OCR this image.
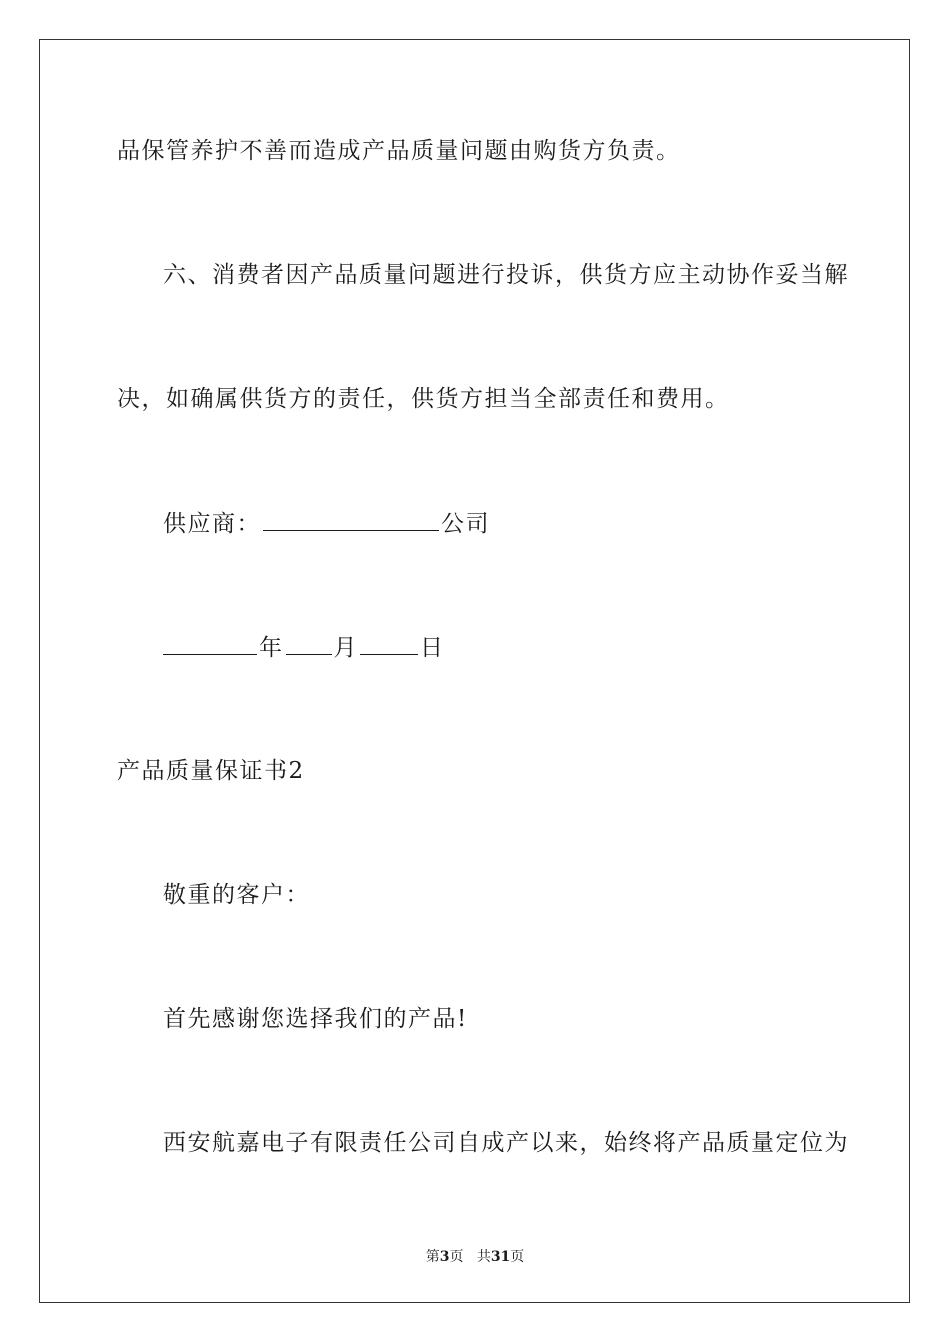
品保管养护不善而造成产品质量问题由购货方负责。
六、消费者因产品质量问题进行投诉，供货方应主动协作妥当解
决，如确属供货方的责任，供货方担当全部责任和费用。
供应商：	公司
年 月	日
产品质量保证书2
敬重的客户：
首先感谢您选择我们的产品!
西安航嘉电子有限责任公司自成产以来，始终将产品质量定位为
第3页 共31页
